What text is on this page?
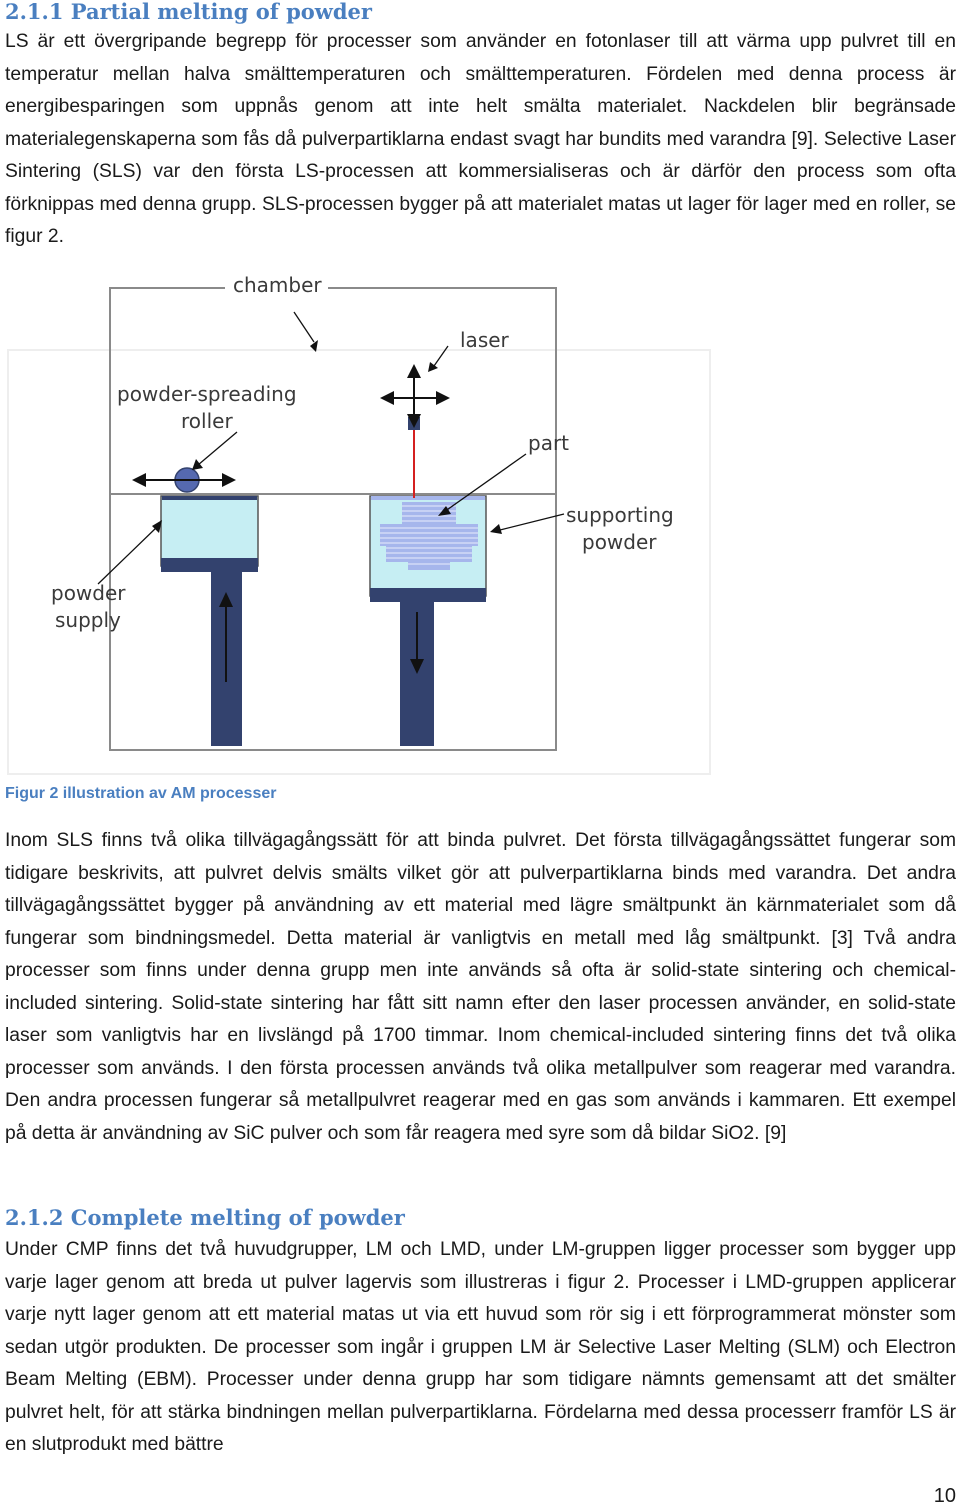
2.1.1 Partial melting of powder

LS är ett övergripande begrepp för processer som använder en fotonlaser till att värma upp pulvret till en temperatur mellan halva smälttemperaturen och smälttemperaturen. Fördelen med denna process är energibesparingen som uppnås genom att inte helt smälta materialet. Nackdelen blir begränsade materialegenskaperna som fås då pulverpartiklarna endast svagt har bundits med varandra [9]. Selective Laser Sintering (SLS) var den första LS-processen att kommersialiseras och är därför den process som ofta förknippas med denna grupp. SLS-processen bygger på att materialet matas ut lager för lager med en roller, se figur 2.

chamber
laser
powder-spreading
roller
part
supporting
powder
powder
supply
Figur 2 illustration av AM processer

Inom SLS finns två olika tillvägagångssätt för att binda pulvret. Det första tillvägagångssättet fungerar som tidigare beskrivits, att pulvret delvis smälts vilket gör att pulverpartiklarna binds med varandra. Det andra tillvägagångssättet bygger på användning av ett material med lägre smältpunkt än kärnmaterialet som då fungerar som bindningsmedel. Detta material är vanligtvis en metall med låg smältpunkt. [3] Två andra processer som finns under denna grupp men inte används så ofta är solid-state sintering och chemical-included sintering. Solid-state sintering har fått sitt namn efter den laser processen använder, en solid-state laser som vanligtvis har en livslängd på 1700 timmar. Inom chemical-included sintering finns det två olika processer som används. I den första processen används två olika metallpulver som reagerar med varandra. Den andra processen fungerar så metallpulvret reagerar med en gas som används i kammaren. Ett exempel på detta är användning av SiC pulver och som får reagera med syre som då bildar SiO2. [9]

2.1.2 Complete melting of powder

Under CMP finns det två huvudgrupper, LM och LMD, under LM-gruppen ligger processer som bygger upp varje lager genom att breda ut pulver lagervis som illustreras i figur 2. Processer i LMD-gruppen applicerar varje nytt lager genom att ett material matas ut via ett huvud som rör sig i ett förprogrammerat mönster som sedan utgör produkten. De processer som ingår i gruppen LM är Selective Laser Melting (SLM) och Electron Beam Melting (EBM). Processer under denna grupp har som tidigare nämnts gemensamt att det smälter pulvret helt, för att stärka bindningen mellan pulverpartiklarna. Fördelarna med dessa processerr framför LS är en slutprodukt med bättre

10
